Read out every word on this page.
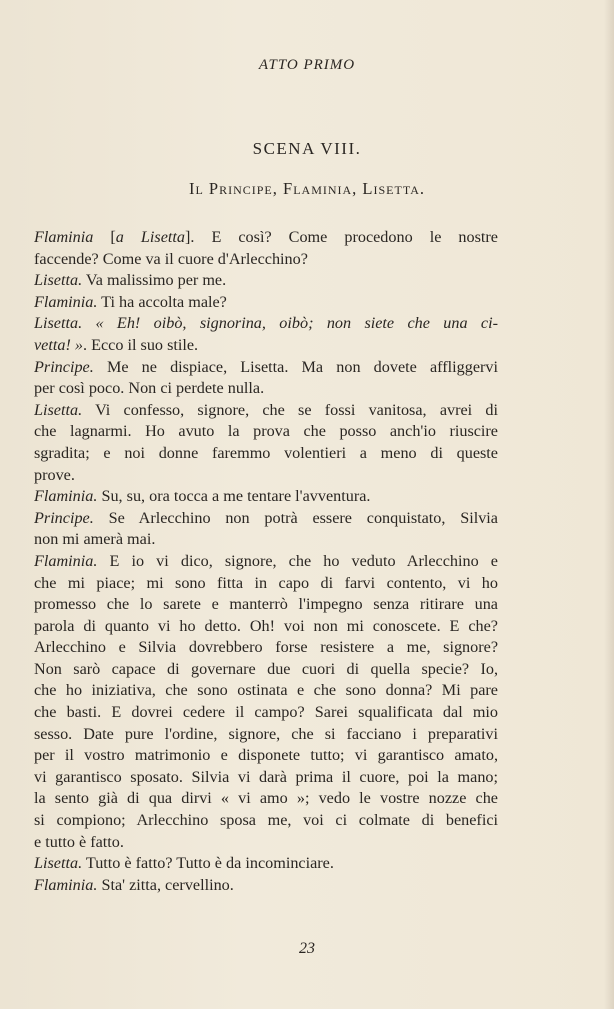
ATTO PRIMO
SCENA VIII.
Il Principe, Flaminia, Lisetta.
Flaminia [a Lisetta]. E così? Come procedono le nostre
faccende? Come va il cuore d'Arlecchino?
Lisetta. Va malissimo per me.
Flaminia. Ti ha accolta male?
Lisetta. « Eh! oibò, signorina, oibò; non siete che una ci-
vetta! ». Ecco il suo stile.
Principe. Me ne dispiace, Lisetta. Ma non dovete affliggervi
per così poco. Non ci perdete nulla.
Lisetta. Vi confesso, signore, che se fossi vanitosa, avrei di
che lagnarmi. Ho avuto la prova che posso anch'io riuscire
sgradita; e noi donne faremmo volentieri a meno di queste
prove.
Flaminia. Su, su, ora tocca a me tentare l'avventura.
Principe. Se Arlecchino non potrà essere conquistato, Silvia
non mi amerà mai.
Flaminia. E io vi dico, signore, che ho veduto Arlecchino e
che mi piace; mi sono fitta in capo di farvi contento, vi ho
promesso che lo sarete e manterrò l'impegno senza ritirare una
parola di quanto vi ho detto. Oh! voi non mi conoscete. E che?
Arlecchino e Silvia dovrebbero forse resistere a me, signore?
Non sarò capace di governare due cuori di quella specie? Io,
che ho iniziativa, che sono ostinata e che sono donna? Mi pare
che basti. E dovrei cedere il campo? Sarei squalificata dal mio
sesso. Date pure l'ordine, signore, che si facciano i preparativi
per il vostro matrimonio e disponete tutto; vi garantisco amato,
vi garantisco sposato. Silvia vi darà prima il cuore, poi la mano;
la sento già di qua dirvi « vi amo »; vedo le vostre nozze che
si compiono; Arlecchino sposa me, voi ci colmate di benefici
e tutto è fatto.
Lisetta. Tutto è fatto? Tutto è da incominciare.
Flaminia. Sta' zitta, cervellino.
23
